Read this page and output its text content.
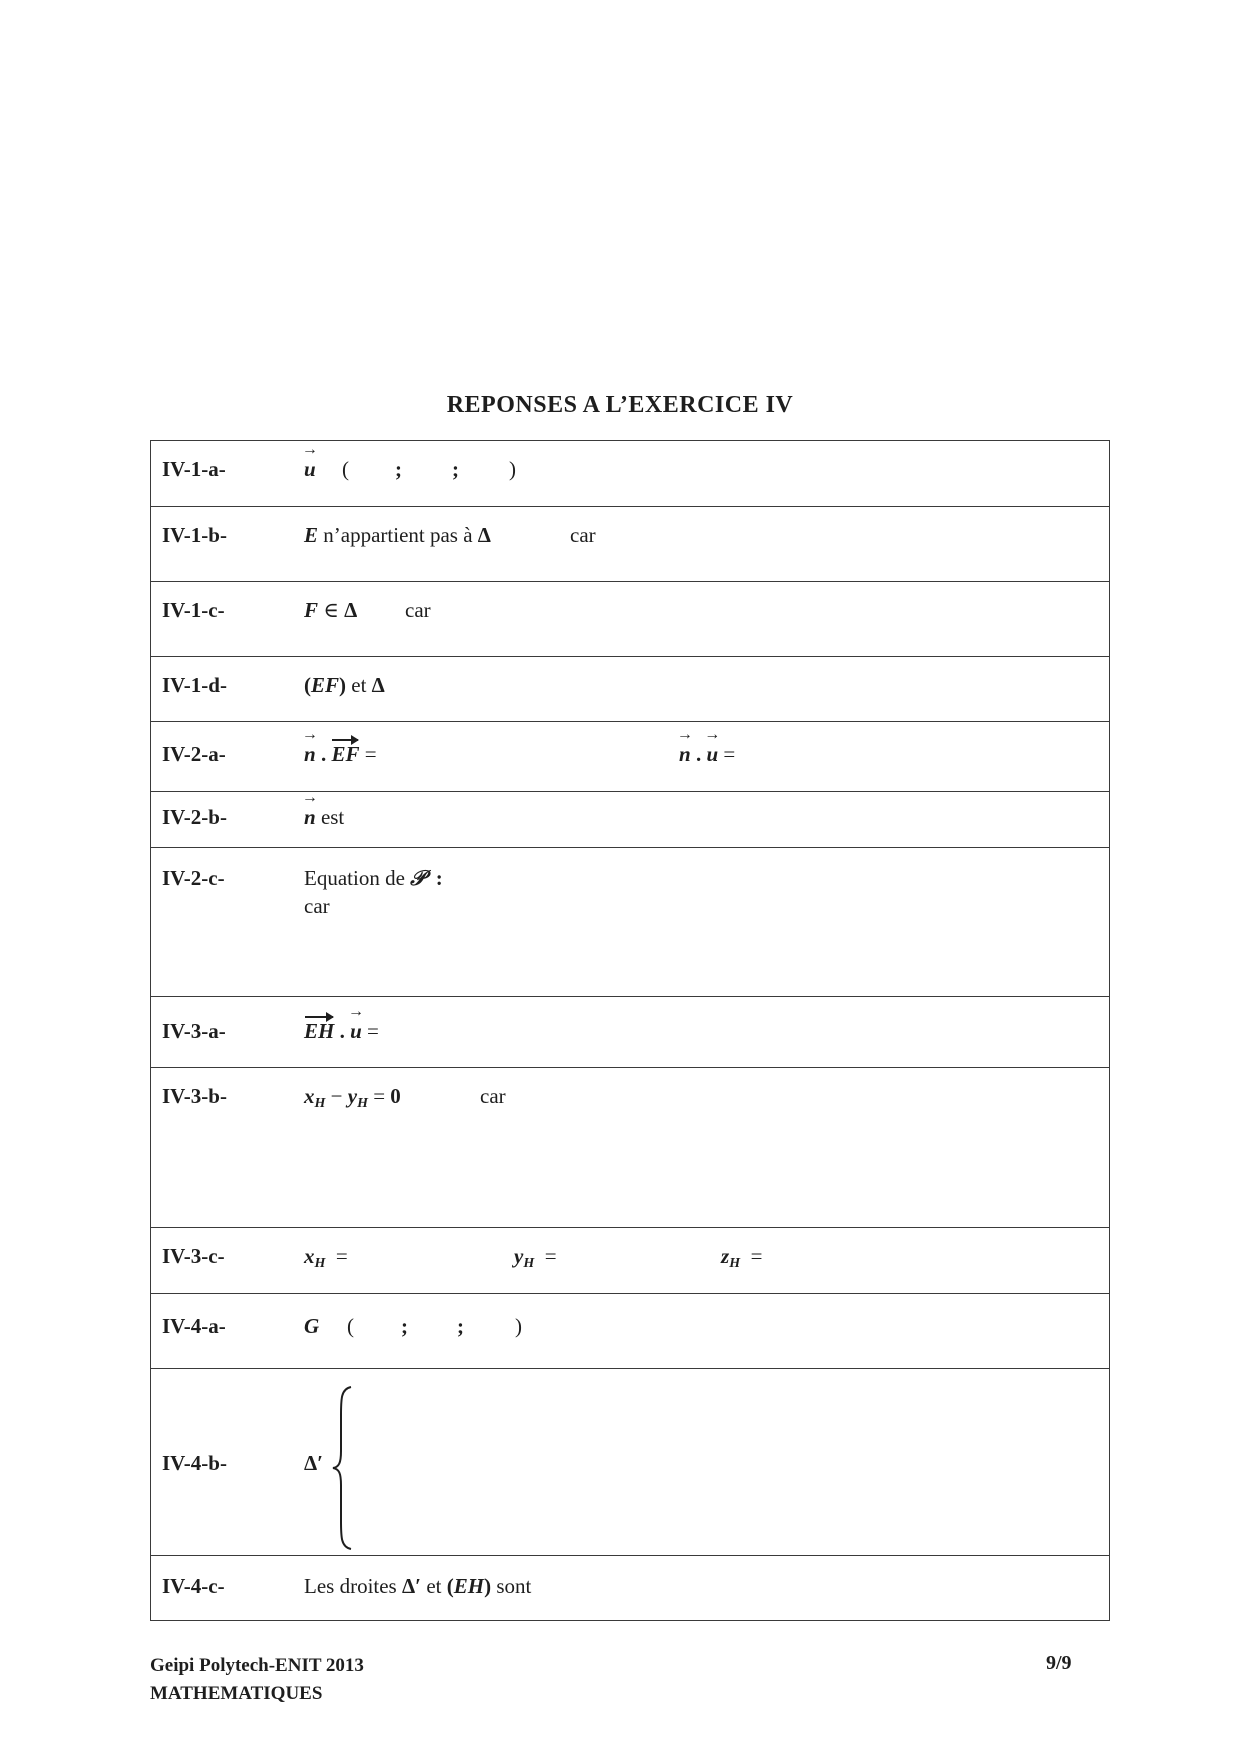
REPONSES A L’EXERCICE IV
IV-1-a-	→ u ( ; ; )

IV-1-b-	E n’appartient pas à Δ	car

IV-1-c-	F ∈ Δ car

IV-1-d-	(EF) et Δ

IV-2-a-	→ n . EF =	→ n . → u =

IV-2-b-	→ n est

IV-2-c-	Equation de 𝒫 :
car

IV-3-a-	EH . → u =

IV-3-b-	$x_H - y_H = 0$	car

IV-3-c-	$x_H$ =	$y_H$ =	$z_H$ =

IV-4-a-	G ( ; ; )

IV-4-b-	Δ′

IV-4-c-	Les droites Δ′ et (EH) sont
Geipi Polytech-ENIT 2013
MATHEMATIQUES
9/9
